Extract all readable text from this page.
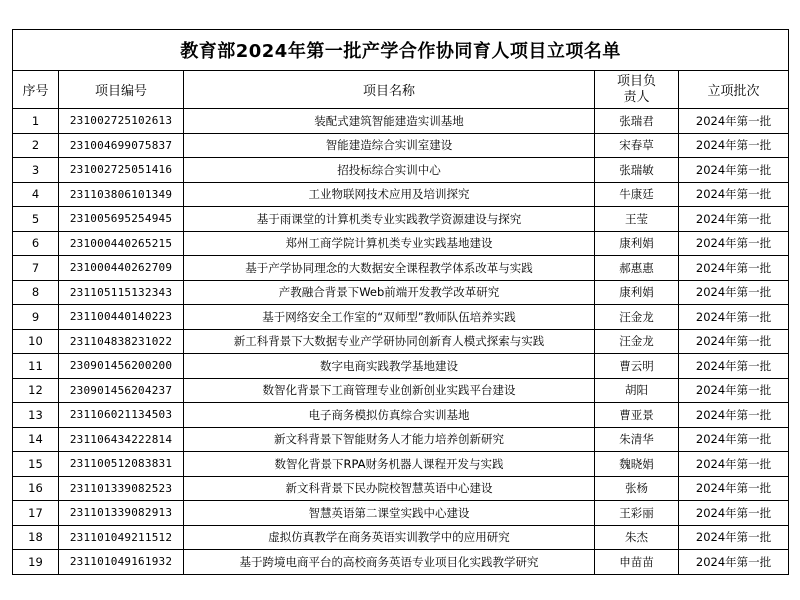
教育部2024年第一批产学合作协同育人项目立项名单				
序号	项目编号	项目名称	项目负责人	立项批次
1	231002725102613	装配式建筑智能建造实训基地	张瑞君	2024年第一批
2	231004699075837	智能建造综合实训室建设	宋春草	2024年第一批
3	231002725051416	招投标综合实训中心	张瑞敏	2024年第一批
4	231103806101349	工业物联网技术应用及培训探究	牛康廷	2024年第一批
5	231005695254945	基于雨课堂的计算机类专业实践教学资源建设与探究	王莹	2024年第一批
6	231000440265215	郑州工商学院计算机类专业实践基地建设	康利娟	2024年第一批
7	231000440262709	基于产学协同理念的大数据安全课程教学体系改革与实践	郝惠惠	2024年第一批
8	231105115132343	产教融合背景下Web前端开发教学改革研究	康利娟	2024年第一批
9	231100440140223	基于网络安全工作室的“双师型”教师队伍培养实践	汪金龙	2024年第一批
10	231104838231022	新工科背景下大数据专业产学研协同创新育人模式探索与实践	汪金龙	2024年第一批
11	230901456200200	数字电商实践教学基地建设	曹云明	2024年第一批
12	230901456204237	数智化背景下工商管理专业创新创业实践平台建设	胡阳	2024年第一批
13	231106021134503	电子商务模拟仿真综合实训基地	曹亚景	2024年第一批
14	231106434222814	新文科背景下智能财务人才能力培养创新研究	朱清华	2024年第一批
15	231100512083831	数智化背景下RPA财务机器人课程开发与实践	魏晓娟	2024年第一批
16	231101339082523	新文科背景下民办院校智慧英语中心建设	张杨	2024年第一批
17	231101339082913	智慧英语第二课堂实践中心建设	王彩丽	2024年第一批
18	231101049211512	虚拟仿真教学在商务英语实训教学中的应用研究	朱杰	2024年第一批
19	231101049161932	基于跨境电商平台的高校商务英语专业项目化实践教学研究	申苗苗	2024年第一批
